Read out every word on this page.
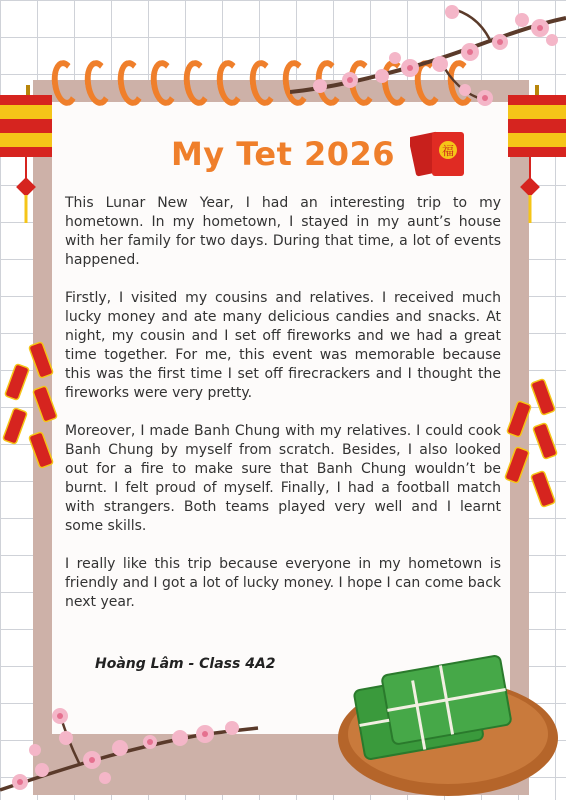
福
My Tet 2026

This Lunar New Year, I had an interesting trip to my hometown. In my hometown, I stayed in my aunt’s house with her family for two days. During that time, a lot of events happened.

Firstly, I visited my cousins and relatives. I received much lucky money and ate many delicious candies and snacks. At night, my cousin and I set off fireworks and we had a great time together. For me, this event was memorable because this was the first time I set off firecrackers and I thought the fireworks were very pretty.

Moreover, I made Banh Chung with my relatives. I could cook Banh Chung by myself from scratch. Besides, I also looked out for a fire to make sure that Banh Chung wouldn’t be burnt. I felt proud of myself. Finally, I had a football match with strangers. Both teams played very well and I learnt some skills.

I really like this trip because everyone in my hometown is friendly and I got a lot of lucky money. I hope I can come back next year.

Hoàng Lâm - Class 4A2
